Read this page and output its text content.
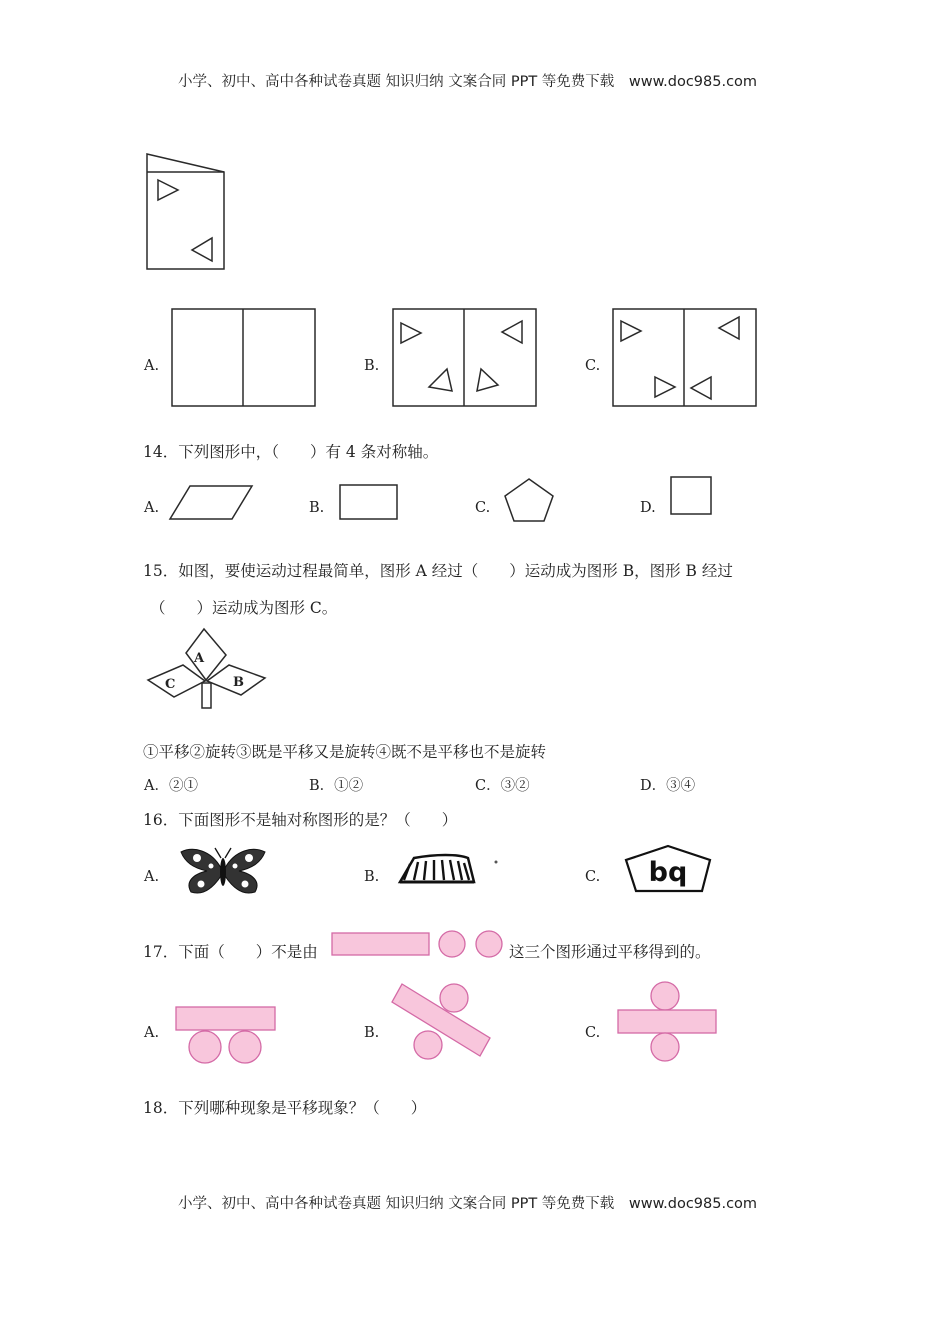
小学、初中、高中各种试卷真题 知识归纳 文案合同 PPT 等免费下载 www.doc985.com
A.	B.	C.
14．下列图形中，（　　）有 4 条对称轴。
A.	B.	C.	D.
15．如图，要使运动过程最简单，图形 A 经过（　　）运动成为图形 B，图形 B 经过
（　　）运动成为图形 C。
A
B
C
①平移②旋转③既是平移又是旋转④既不是平移也不是旋转
A．②①	B．①②	C．③②	D．③④
16．下面图形不是轴对称图形的是？（　　）
A.	B.	C. bq
17．下面（　　）不是由	这三个图形通过平移得到的。
A.	B.	C.
18．下列哪种现象是平移现象？（　　）
小学、初中、高中各种试卷真题 知识归纳 文案合同 PPT 等免费下载 www.doc985.com
